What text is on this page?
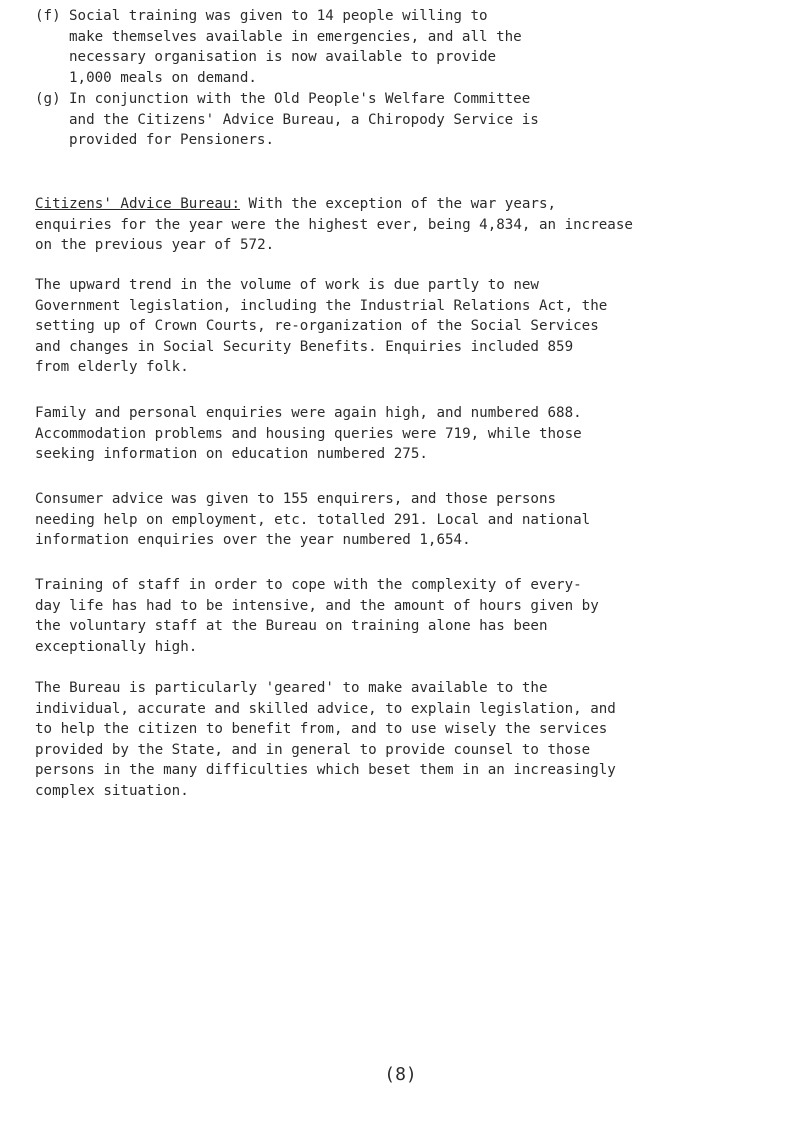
(f) Social training was given to 14 people willing to
make themselves available in emergencies, and all the
necessary organisation is now available to provide
1,000 meals on demand.
(g) In conjunction with the Old People's Welfare Committee
and the Citizens' Advice Bureau, a Chiropody Service is
provided for Pensioners.
Citizens' Advice Bureau: With the exception of the war years,
enquiries for the year were the highest ever, being 4,834, an increase
on the previous year of 572.
The upward trend in the volume of work is due partly to new
Government legislation, including the Industrial Relations Act, the
setting up of Crown Courts, re-organization of the Social Services
and changes in Social Security Benefits. Enquiries included 859
from elderly folk.
Family and personal enquiries were again high, and numbered 688.
Accommodation problems and housing queries were 719, while those
seeking information on education numbered 275.
Consumer advice was given to 155 enquirers, and those persons
needing help on employment, etc. totalled 291. Local and national
information enquiries over the year numbered 1,654.
Training of staff in order to cope with the complexity of every-
day life has had to be intensive, and the amount of hours given by
the voluntary staff at the Bureau on training alone has been
exceptionally high.
The Bureau is particularly 'geared' to make available to the
individual, accurate and skilled advice, to explain legislation, and
to help the citizen to benefit from, and to use wisely the services
provided by the State, and in general to provide counsel to those
persons in the many difficulties which beset them in an increasingly
complex situation.
(8)
